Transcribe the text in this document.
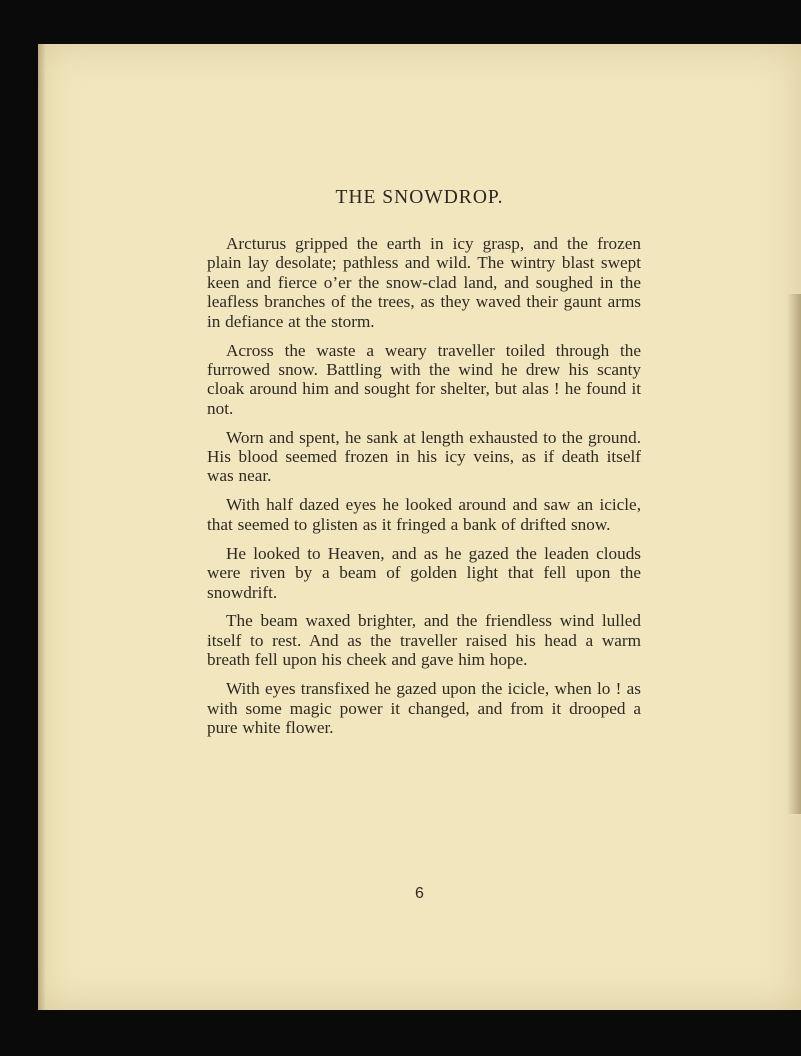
THE SNOWDROP.

Arcturus gripped the earth in icy grasp, and the frozen plain lay desolate; pathless and wild. The wintry blast swept keen and fierce o’er the snow-clad land, and soughed in the leafless branches of the trees, as they waved their gaunt arms in defiance at the storm.

Across the waste a weary traveller toiled through the furrowed snow. Battling with the wind he drew his scanty cloak around him and sought for shelter, but alas ! he found it not.

Worn and spent, he sank at length exhausted to the ground. His blood seemed frozen in his icy veins, as if death itself was near.

With half dazed eyes he looked around and saw an icicle, that seemed to glisten as it fringed a bank of drifted snow.

He looked to Heaven, and as he gazed the leaden clouds were riven by a beam of golden light that fell upon the snowdrift.

The beam waxed brighter, and the friendless wind lulled itself to rest. And as the traveller raised his head a warm breath fell upon his cheek and gave him hope.

With eyes transfixed he gazed upon the icicle, when lo ! as with some magic power it changed, and from it drooped a pure white flower.

6
